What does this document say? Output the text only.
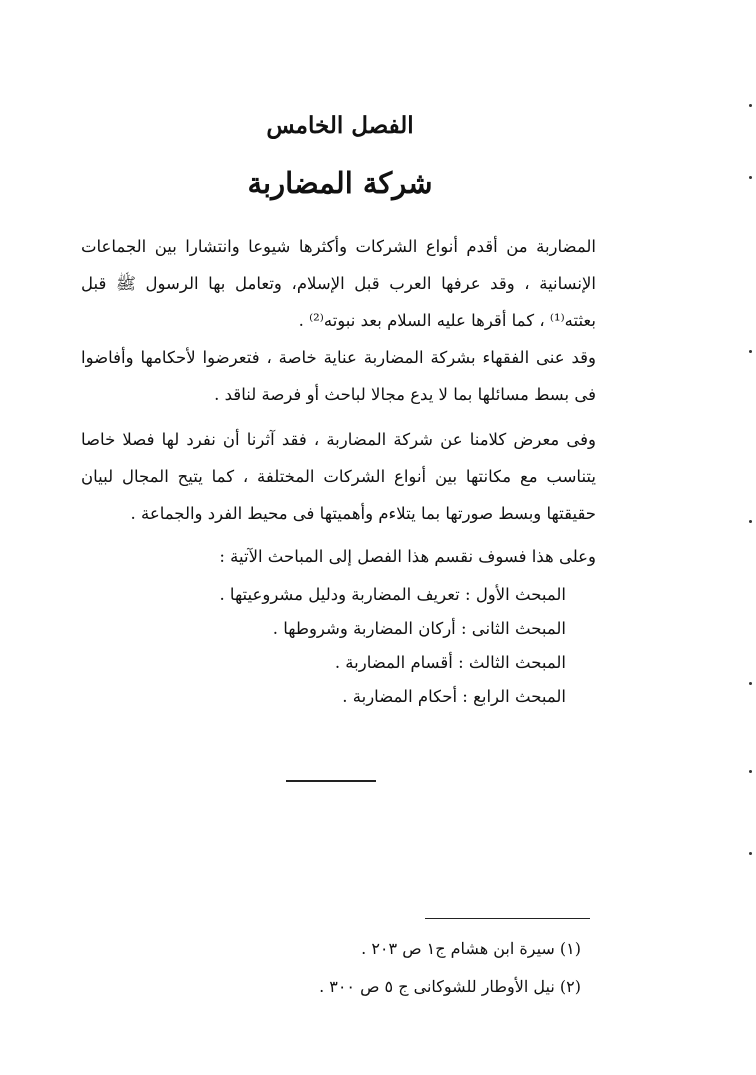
الفصل الخامس
شركة المضاربة

المضاربة من أقدم أنواع الشركات وأكثرها شيوعا وانتشارا بين الجماعات الإنسانية ، وقد عرفها العرب قبل الإسلام، وتعامل بها الرسول ﷺ قبل بعثته⁽¹⁾ ، كما أقرها عليه السلام بعد نبوته⁽²⁾ .

وقد عنى الفقهاء بشركة المضاربة عناية خاصة ، فتعرضوا لأحكامها وأفاضوا فى بسط مسائلها بما لا يدع مجالا لباحث أو فرصة لناقد .

وفى معرض كلامنا عن شركة المضاربة ، فقد آثرنا أن نفرد لها فصلا خاصا يتناسب مع مكانتها بين أنواع الشركات المختلفة ، كما يتيح المجال لبيان حقيقتها وبسط صورتها بما يتلاءم وأهميتها فى محيط الفرد والجماعة .

وعلى هذا فسوف نقسم هذا الفصل إلى المباحث الآتية :

المبحث الأول : تعريف المضاربة ودليل مشروعيتها .
المبحث الثانى : أركان المضاربة وشروطها .
المبحث الثالث : أقسام المضاربة .
المبحث الرابع : أحكام المضاربة .
(١) سيرة ابن هشام ج١ ص ٢٠٣ .
(٢) نيل الأوطار للشوكانى ج ٥ ص ٣٠٠ .
